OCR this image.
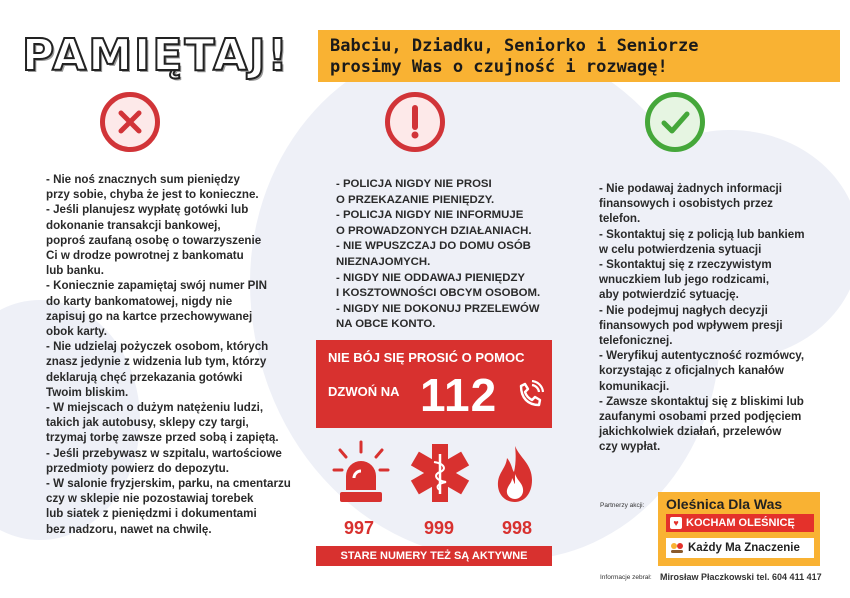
PAMIĘTAJ! Babciu, Dziadku, Seniorko i Seniorze
prosimy Was o czujność i rozwagę!
- Nie noś znacznych sum pieniędzy
przy sobie, chyba że jest to konieczne.
- Jeśli planujesz wypłatę gotówki lub
dokonanie transakcji bankowej,
poproś zaufaną osobę o towarzyszenie
Ci w drodze powrotnej z bankomatu
lub banku.
- Koniecznie zapamiętaj swój numer PIN
do karty bankomatowej, nigdy nie
zapisuj go na kartce przechowywanej
obok karty.
- Nie udzielaj pożyczek osobom, których
znasz jedynie z widzenia lub tym, którzy
deklarują chęć przekazania gotówki
Twoim bliskim.
- W miejscach o dużym natężeniu ludzi,
takich jak autobusy, sklepy czy targi,
trzymaj torbę zawsze przed sobą i zapiętą.
- Jeśli przebywasz w szpitalu, wartościowe
przedmioty powierz do depozytu.
- W salonie fryzjerskim, parku, na cmentarzu
czy w sklepie nie pozostawiaj torebek
lub siatek z pieniędzmi i dokumentami
bez nadzoru, nawet na chwilę.
- POLICJA NIGDY NIE PROSI
O PRZEKAZANIE PIENIĘDZY.
- POLICJA NIGDY NIE INFORMUJE
O PROWADZONYCH DZIAŁANIACH.
- NIE WPUSZCZAJ DO DOMU OSÓB
NIEZNAJOMYCH.
- NIGDY NIE ODDAWAJ PIENIĘDZY
I KOSZTOWNOŚCI OBCYM OSOBOM.
- NIGDY NIE DOKONUJ PRZELEWÓW
NA OBCE KONTO.
NIE BÓJ SIĘ PROSIĆ O POMOC
DZWOŃ NA 112
997	999	998
STARE NUMERY TEŻ SĄ AKTYWNE
- Nie podawaj żadnych informacji
finansowych i osobistych przez
telefon.
- Skontaktuj się z policją lub bankiem
w celu potwierdzenia sytuacji
- Skontaktuj się z rzeczywistym
wnuczkiem lub jego rodzicami,
aby potwierdzić sytuację.
- Nie podejmuj nagłych decyzji
finansowych pod wpływem presji
telefonicznej.
- Weryfikuj autentyczność rozmówcy,
korzystając z oficjalnych kanałów
komunikacji.
- Zawsze skontaktuj się z bliskimi lub
zaufanymi osobami przed podjęciem
jakichkolwiek działań, przelewów
czy wypłat.
Partnerzy akcji: Oleśnica Dla Was
♥ KOCHAM OLEŚNICĘ
Każdy Ma Znaczenie
Informacje zebrał: Mirosław Płaczkowski tel. 604 411 417
